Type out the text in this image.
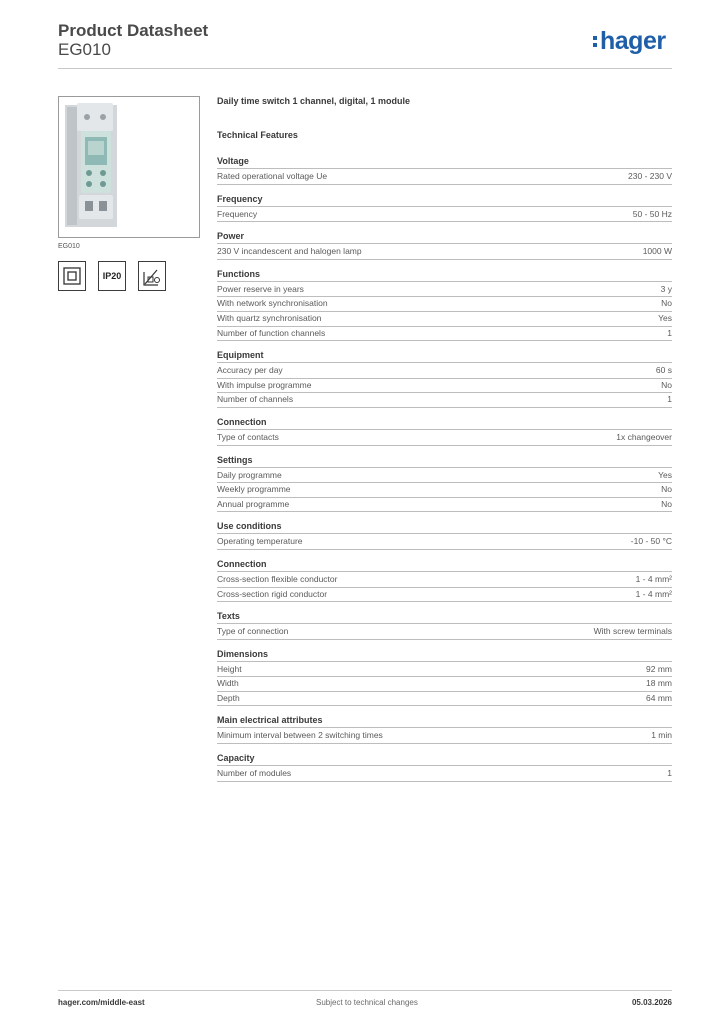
Product Datasheet
EG010	hager
EG010
IP20
Daily time switch 1 channel, digital, 1 module
Technical Features
Voltage
Rated operational voltage Ue	230 - 230 V
Frequency
Frequency	50 - 50 Hz
Power
230 V incandescent and halogen lamp	1000 W
Functions
Power reserve in years	3 y
With network synchronisation	No
With quartz synchronisation	Yes
Number of function channels	1
Equipment
Accuracy per day	60 s
With impulse programme	No
Number of channels	1
Connection
Type of contacts	1x changeover
Settings
Daily programme	Yes
Weekly programme	No
Annual programme	No
Use conditions
Operating temperature	-10 - 50 °C
Connection
Cross-section flexible conductor	1 - 4 mm²
Cross-section rigid conductor	1 - 4 mm²
Texts
Type of connection	With screw terminals
Dimensions
Height	92 mm
Width	18 mm
Depth	64 mm
Main electrical attributes
Minimum interval between 2 switching times	1 min
Capacity
Number of modules	1
hager.com/middle-east	Subject to technical changes	05.03.2026
